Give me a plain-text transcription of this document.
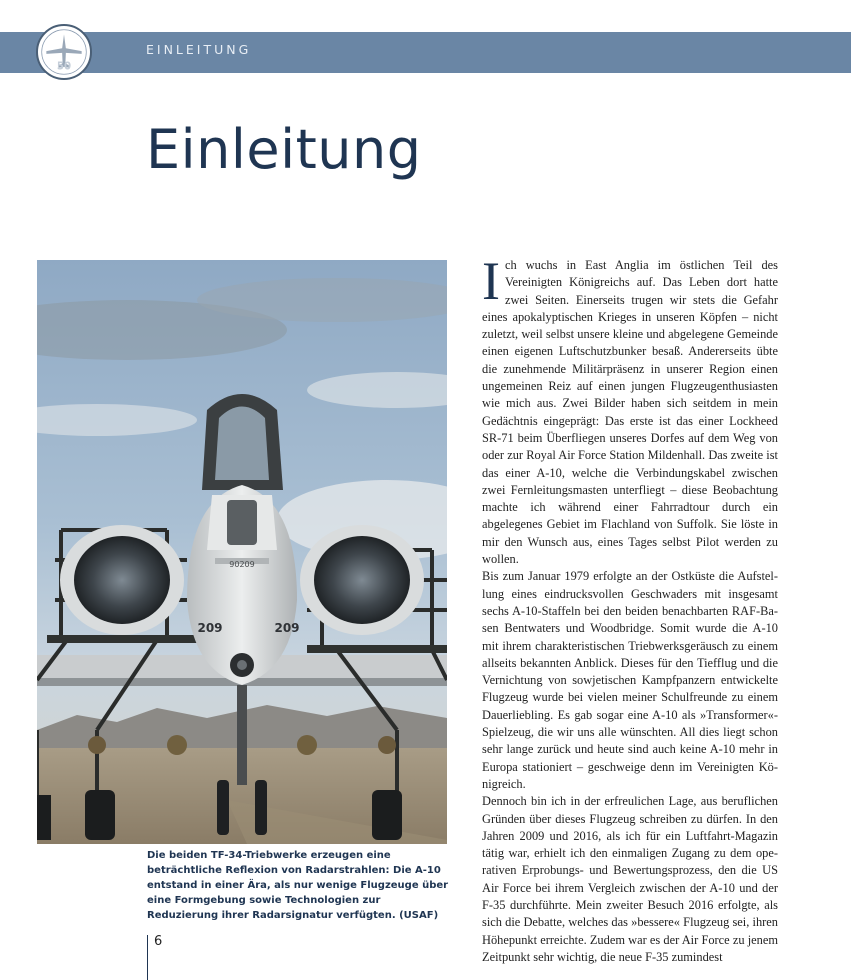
EINLEITUNG
50
Einleitung
90209
209	209
Die beiden TF-34-Triebwerke erzeugen eine beträchtliche Reflexion von Radarstrahlen: Die A-10 entstand in einer Ära, als nur wenige Flugzeuge über eine Formgebung sowie Technologien zur Reduzierung ihrer Radarsignatur verfügten. (USAF)

Ich wuchs in East Anglia im östlichen Teil des Vereinigten Königreichs auf. Das Leben dort hatte zwei Seiten. Einerseits trugen wir stets die Gefahr eines apokalyptischen Krieges in unseren Köpfen – nicht zuletzt, weil selbst unsere kleine und abgelegene Gemeinde einen eigenen Luftschutzbunker besaß. Andererseits übte die zunehmende Militärpräsenz in unserer Region einen ungemeinen Reiz auf einen jungen Flugzeugenthusiasten wie mich aus. Zwei Bilder haben sich seitdem in mein Gedächtnis eingeprägt: Das erste ist das einer Lockheed SR-71 beim Überfliegen unseres Dorfes auf dem Weg von oder zur Royal Air Force Station Mildenhall. Das zweite ist das einer A-10, welche die Verbindungskabel zwischen zwei Fernleitungsmasten unterfliegt – diese Beobachtung machte ich während einer Fahrradtour durch ein abgelegenes Gebiet im Flachland von Suffolk. Sie löste in mir den Wunsch aus, eines Tages selbst Pilot werden zu wollen.

Bis zum Januar 1979 erfolgte an der Ostküste die Aufstellung eines eindrucksvollen Geschwaders mit insgesamt sechs A-10-Staffeln bei den beiden benachbarten RAF-Basen Bentwaters und Woodbridge. Somit wurde die A-10 mit ihrem charakteristischen Triebwerksgeräusch zu einem allseits bekannten Anblick. Dieses für den Tiefflug und die Vernichtung von sowjetischen Kampfpanzern entwickelte Flugzeug wurde bei vielen meiner Schulfreunde zu einem Dauerliebling. Es gab sogar eine A-10 als »Transformer«-Spielzeug, die wir uns alle wünschten. All dies liegt schon sehr lange zurück und heute sind auch keine A-10 mehr in Europa stationiert – geschweige denn im Vereinigten Königreich.

Dennoch bin ich in der erfreulichen Lage, aus beruflichen Gründen über dieses Flugzeug schreiben zu dürfen. In den Jahren 2009 und 2016, als ich für ein Luftfahrt-Magazin tätig war, erhielt ich den einmaligen Zugang zu dem operativen Erprobungs- und Bewertungsprozess, den die US Air Force bei ihrem Vergleich zwischen der A-10 und der F-35 durchführte. Mein zweiter Besuch 2016 erfolgte, als sich die Debatte, welches das »bessere« Flugzeug sei, ihren Höhepunkt erreichte. Zudem war es der Air Force zu jenem Zeitpunkt sehr wichtig, die neue F-35 zumindest

6
